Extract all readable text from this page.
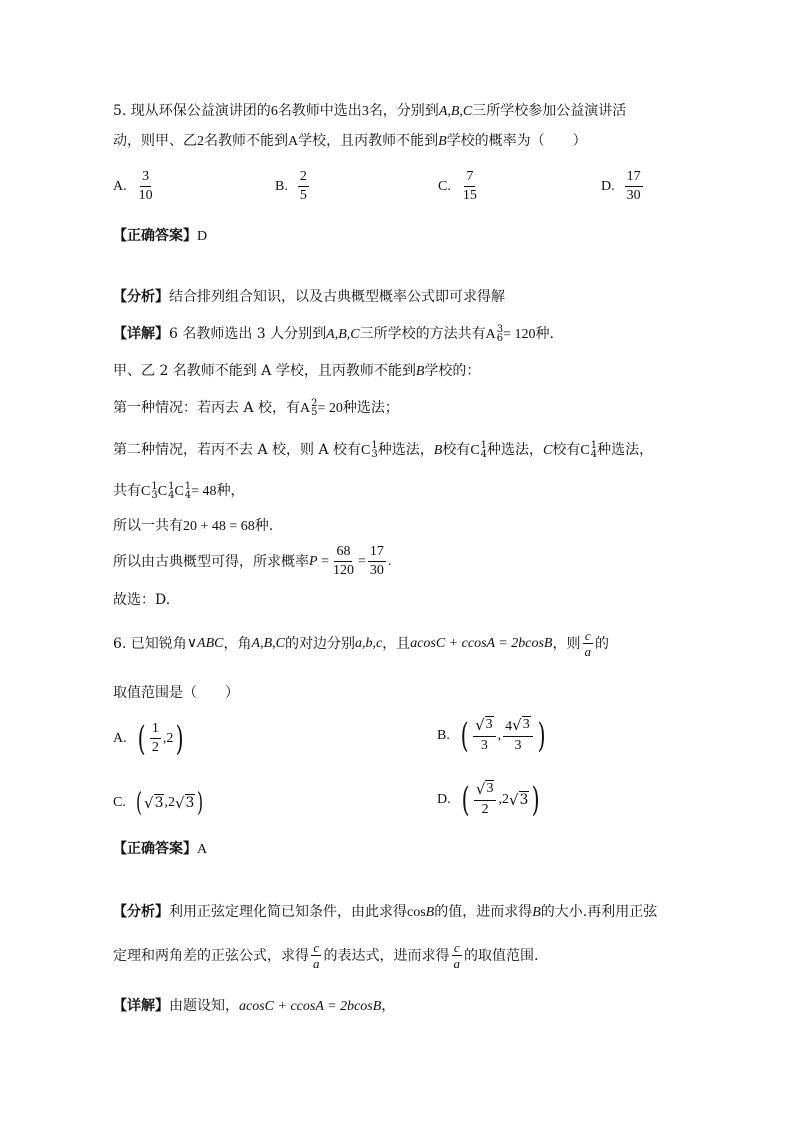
5. 现从环保公益演讲团的6名教师中选出3名，分别到A,B,C三所学校参加公益演讲活
动，则甲、乙2名教师不能到A学校，且丙教师不能到B学校的概率为（　　）
A. $\frac{3}{10}$	B. $\frac{2}{5}$	C. $\frac{7}{15}$	D. $\frac{17}{30}$
【正确答案】D
【分析】结合排列组合知识，以及古典概型概率公式即可求得解
【详解】6 名教师选出 3 人分别到A,B,C三所学校的方法共有A 3
6 = 120种.
甲、乙 2 名教师不能到 A 学校，且丙教师不能到B学校的：
第一种情况：若丙去 A 校，有A 2
5 = 20种选法；
第二种情况，若丙不去 A 校，则 A 校有C 1
3 种选法，B校有C 1
4 种选法，C校有C 1
4 种选法，
共有C 1
3 C 1
4 C 1
4 = 48种，
所以一共有20 + 48 = 68种.
所以由古典概型可得，所求概率 $P = \frac{68}{120} = \frac{17}{30}$ .
故选：D.
6. 已知锐角 ∨ABC ，角 A,B,C 的对边分别 a,b,c ，且 acosC + ccosA = 2bcosB ，则 $\frac{c}{a}$ 的
取值范围是（　　）
A. ( $\frac{1}{2} ,2$ )	B. ( $\frac{√ 3}{3}$ , $\frac{4 √ 3}{3}$ )
C. ( √ 3 ,2 √ 3 )	D. ( $\frac{√ 3}{2} ,2$ √ 3 )
【正确答案】A
【分析】利用正弦定理化简已知条件，由此求得cosB的值，进而求得B的大小.再利用正弦
定理和两角差的正弦公式，求得 $\frac{c}{a}$ 的表达式，进而求得 $\frac{c}{a}$ 的取值范围.
【详解】由题设知，acosC + ccosA = 2bcosB，
